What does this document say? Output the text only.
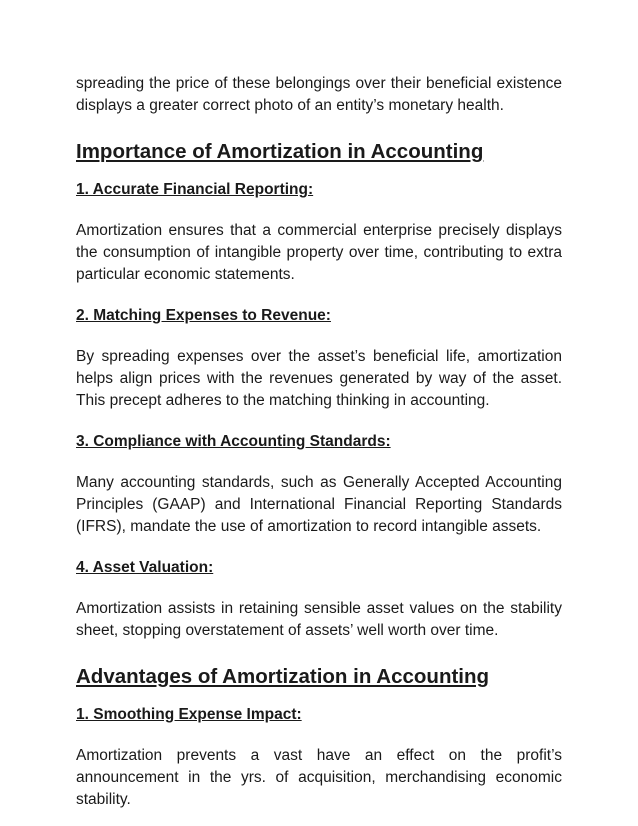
spreading the price of these belongings over their beneficial existence displays a greater correct photo of an entity’s monetary health.

Importance of Amortization in Accounting
1. Accurate Financial Reporting:

Amortization ensures that a commercial enterprise precisely displays the consumption of intangible property over time, contributing to extra particular economic statements.

2. Matching Expenses to Revenue:

By spreading expenses over the asset’s beneficial life, amortization helps align prices with the revenues generated by way of the asset. This precept adheres to the matching thinking in accounting.

3. Compliance with Accounting Standards:

Many accounting standards, such as Generally Accepted Accounting Principles (GAAP) and International Financial Reporting Standards (IFRS), mandate the use of amortization to record intangible assets.

4. Asset Valuation:

Amortization assists in retaining sensible asset values on the stability sheet, stopping overstatement of assets’ well worth over time.

Advantages of Amortization in Accounting
1. Smoothing Expense Impact:

Amortization prevents a vast have an effect on the profit’s announcement in the yrs. of acquisition, merchandising economic stability.
